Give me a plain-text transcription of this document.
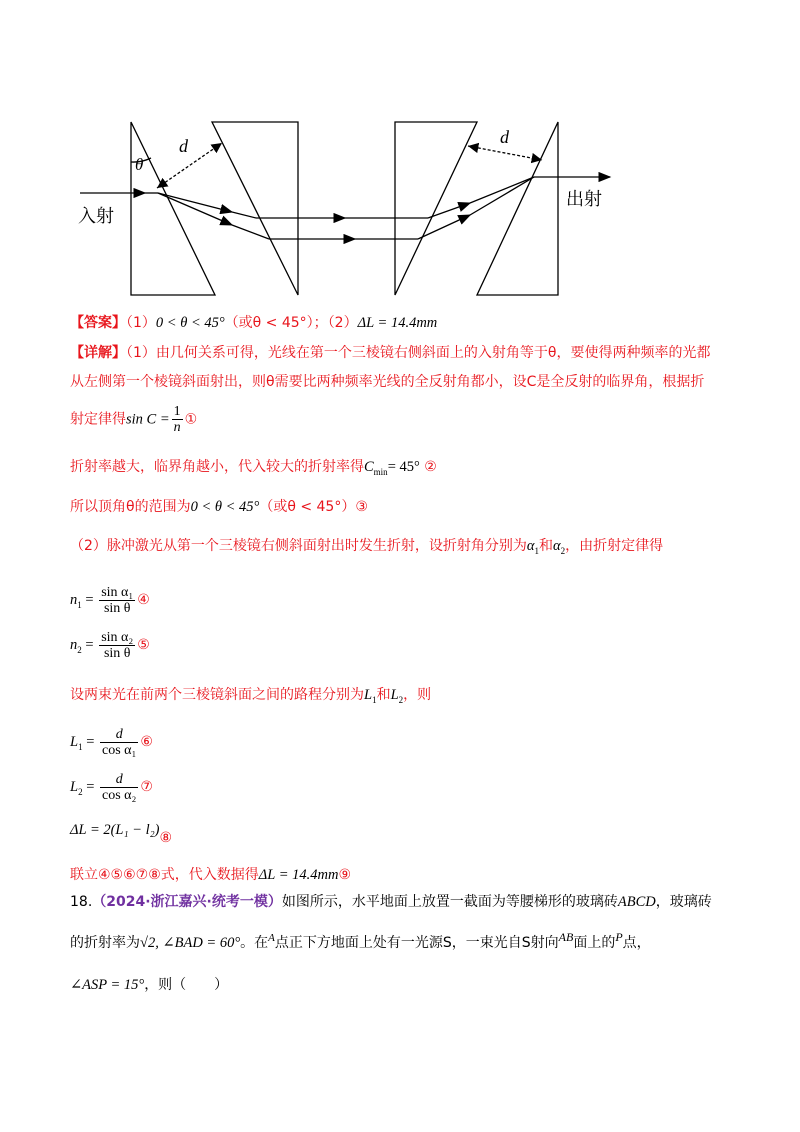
d	d
θ
入射
出射
【答案】（1）0 < θ < 45°（或θ < 45°）；（2）ΔL = 14.4mm
【详解】（1）由几何关系可得，光线在第一个三棱镜右侧斜面上的入射角等于θ，要使得两种频率的光都
从左侧第一个棱镜斜面射出，则θ需要比两种频率光线的全反射角都小，设C是全反射的临界角，根据折
射定律得$\sin C = \frac{1}{n}$ ①
折射率越大，临界角越小，代入较大的折射率得$C_{min}= 45^\circ$ ②
所以顶角θ的范围为0 < θ < 45°（或θ < 45°）③
（2）脉冲激光从第一个三棱镜右侧斜面射出时发生折射，设折射角分别为$\alpha_1$和$\alpha_2$，由折射定律得
$n_1 = \frac{\text{sin α₁}}{\text{sin θ}}$ ④
$n_2 = \frac{\text{sin α₂}}{\text{sin θ}}$ ⑤
设两束光在前两个三棱镜斜面之间的路程分别为$L_1$和$L_2$，则
$L_1 = \frac{d}{\text{cos α₁}}$ ⑥
$L_2 = \frac{d}{\text{cos α₂}}$ ⑦
ΔL = 2(L₁ − l₂)⑧
联立④⑤⑥⑦⑧式，代入数据得ΔL = 14.4mm⑨
18.（2024·浙江嘉兴·统考一模）如图所示，水平地面上放置一截面为等腰梯形的玻璃砖ABCD，玻璃砖
的折射率为√2, ∠BAD = 60°。在$^A$点正下方地面上处有一光源S，一束光自S射向AB面上的P点，
∠ASP = 15°，则（　　）
